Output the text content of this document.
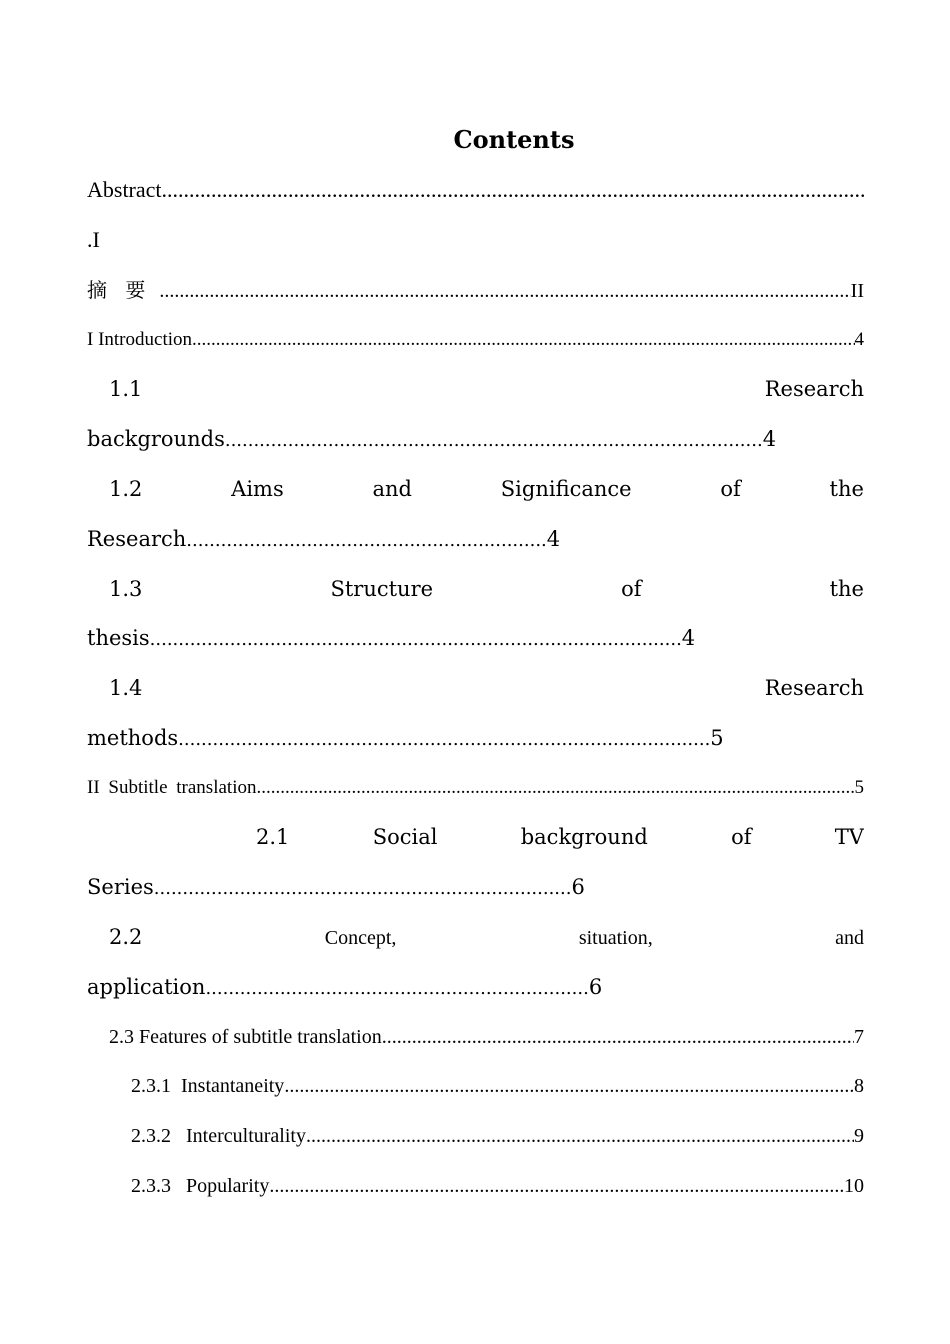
Contents
Abstract
.....
.I
摘 要 .....	II
I Introduction .....	4
1.1	Research
backgrounds..............................................................................................4
1.2	Aims	and	Significance	of	the
Research...............................................................4
1.3	Structure	of	the
thesis.............................................................................................4
1.4	Research
methods.............................................................................................5
II Subtitle translation .....	5
2.1	Social	background	of	TV
Series.........................................................................6
2.2	Concept,	situation,	and
application...................................................................6
2.3 Features of subtitle translation .....	7
2.3.1  Instantaneity .....	8
2.3.2   Interculturality .....	9
2.3.3   Popularity .....	10
